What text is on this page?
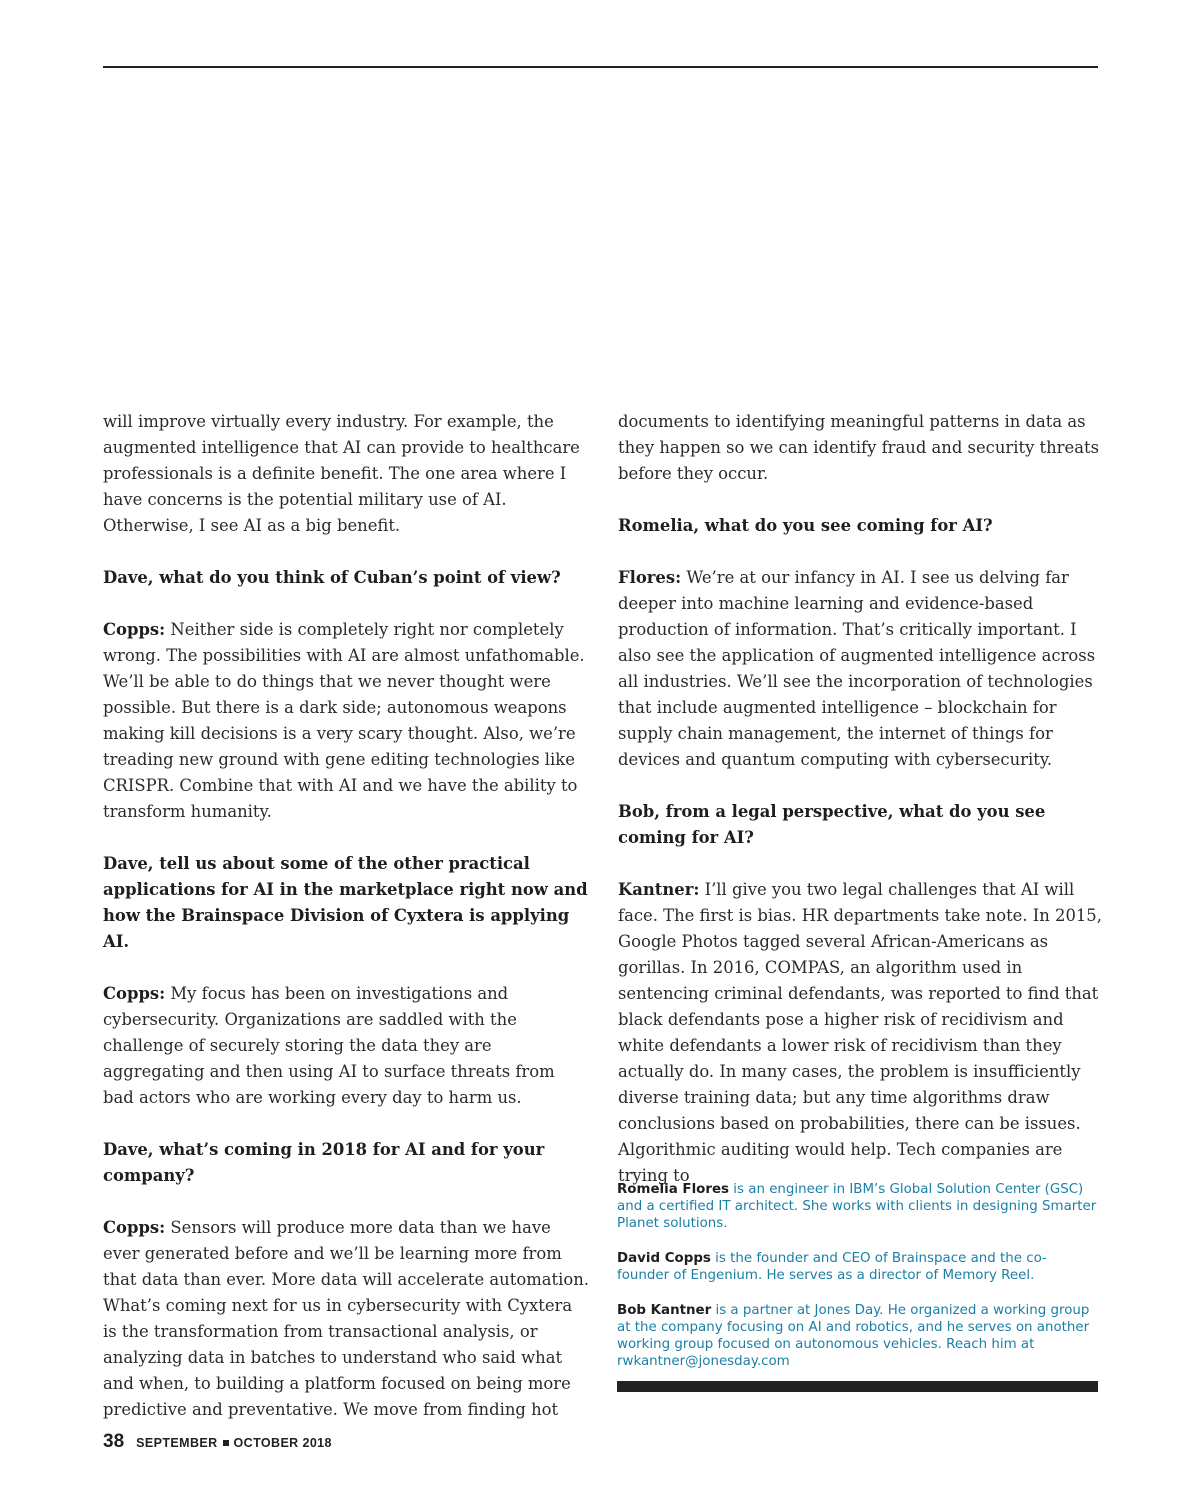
will improve virtually every industry. For example, the augmented intelligence that AI can provide to healthcare professionals is a definite benefit. The one area where I have concerns is the potential military use of AI. Otherwise, I see AI as a big benefit.

Dave, what do you think of Cuban’s point of view?

Copps: Neither side is completely right nor completely wrong. The possibilities with AI are almost unfathomable. We’ll be able to do things that we never thought were possible. But there is a dark side; autonomous weapons making kill decisions is a very scary thought. Also, we’re treading new ground with gene editing technologies like CRISPR. Combine that with AI and we have the ability to transform humanity.

Dave, tell us about some of the other practical applications for AI in the marketplace right now and how the Brainspace Division of Cyxtera is applying AI.

Copps: My focus has been on investigations and cybersecurity. Organizations are saddled with the challenge of securely storing the data they are aggregating and then using AI to surface threats from bad actors who are working every day to harm us.

Dave, what’s coming in 2018 for AI and for your company?

Copps: Sensors will produce more data than we have ever generated before and we’ll be learning more from that data than ever. More data will accelerate automation. What’s coming next for us in cybersecurity with Cyxtera is the transformation from transactional analysis, or analyzing data in batches to understand who said what and when, to building a platform focused on being more predictive and preventative. We move from finding hot

documents to identifying meaningful patterns in data as they happen so we can identify fraud and security threats before they occur.

Romelia, what do you see coming for AI?

Flores: We’re at our infancy in AI. I see us delving far deeper into machine learning and evidence-based production of information. That’s critically important. I also see the application of augmented intelligence across all industries. We’ll see the incorporation of technologies that include augmented intelligence – blockchain for supply chain management, the internet of things for devices and quantum computing with cybersecurity.

Bob, from a legal perspective, what do you see coming for AI?

Kantner: I’ll give you two legal challenges that AI will face. The first is bias. HR departments take note. In 2015, Google Photos tagged several African-Americans as gorillas. In 2016, COMPAS, an algorithm used in sentencing criminal defendants, was reported to find that black defendants pose a higher risk of recidivism and white defendants a lower risk of recidivism than they actually do. In many cases, the problem is insufficiently diverse training data; but any time algorithms draw conclusions based on probabilities, there can be issues. Algorithmic auditing would help. Tech companies are trying to

Romelia Flores is an engineer in IBM’s Global Solution Center (GSC) and a certified IT architect. She works with clients in designing Smarter Planet solutions.

David Copps is the founder and CEO of Brainspace and the co-founder of Engenium. He serves as a director of Memory Reel.

Bob Kantner is a partner at Jones Day. He organized a working group at the company focusing on AI and robotics, and he serves on another working group focused on autonomous vehicles. Reach him at rwkantner@jonesday.com

38 SEPTEMBER OCTOBER 2018
